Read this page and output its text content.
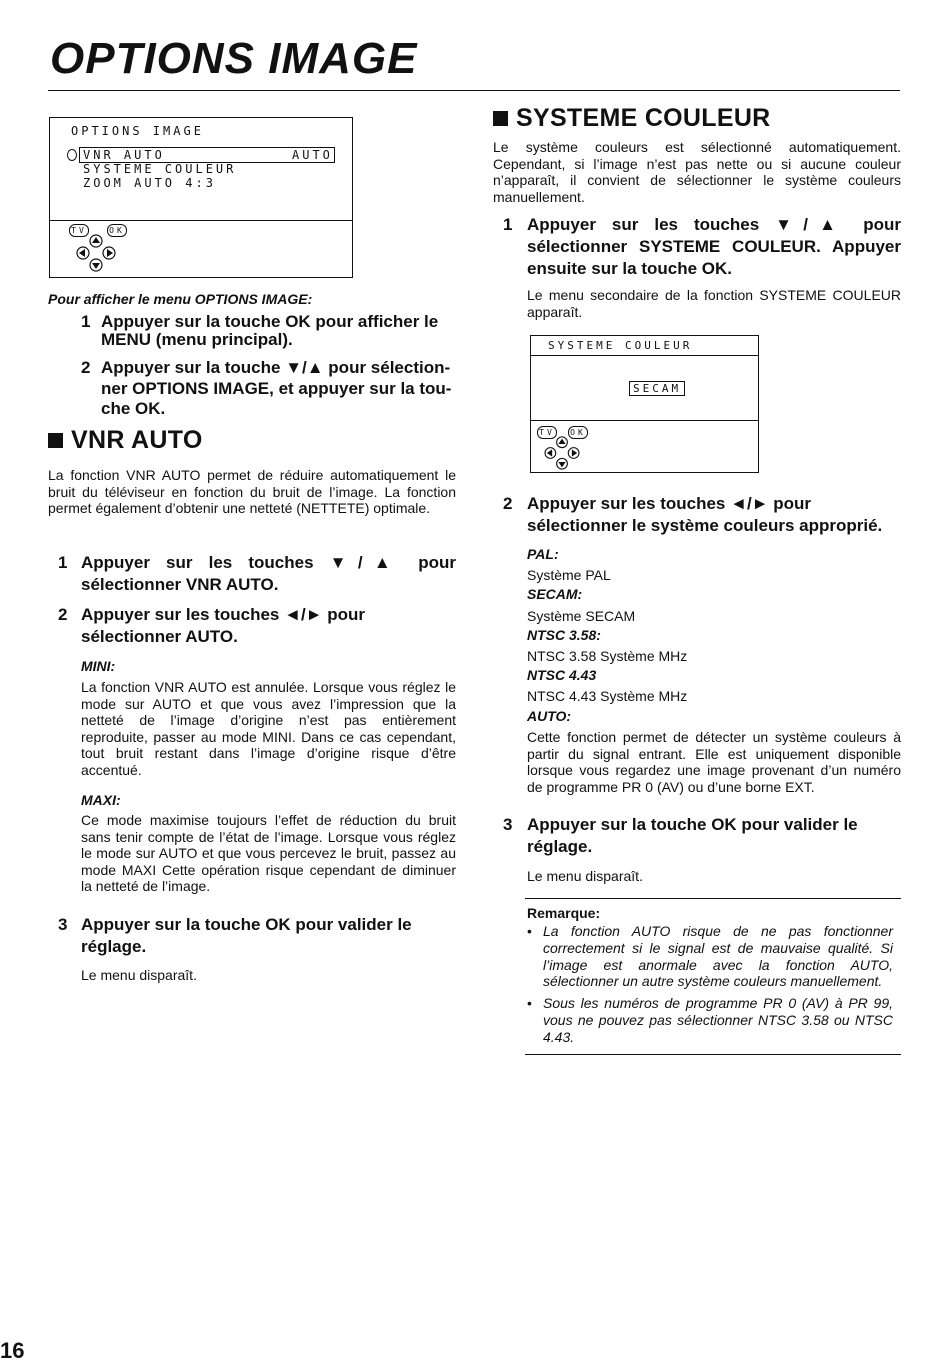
OPTIONS IMAGE
OPTIONS IMAGE
VNR AUTO	AUTO
SYSTEME COULEUR
ZOOM AUTO 4:3
TV	OK
Pour afficher le menu OPTIONS IMAGE:
1 Appuyer sur la touche OK pour afficher le MENU (menu principal).
2 Appuyer sur la touche ▼/▲ pour sélection-ner OPTIONS IMAGE, et appuyer sur la tou-che OK.
VNR AUTO

La fonction VNR AUTO permet de réduire automatiquement le bruit du téléviseur en fonction du bruit de l’image. La fonction permet également d’obtenir une netteté (NETTETE) optimale.

1 Appuyer sur les touches ▼/▲ pour sélectionner VNR AUTO.
2 Appuyer sur les touches ◄/► pour sélectionner AUTO.
MINI:

La fonction VNR AUTO est annulée. Lorsque vous réglez le mode sur AUTO et que vous avez l’impression que la netteté de l’image d’origine n’est pas entièrement reproduite, passer au mode MINI. Dans ce cas cependant, tout bruit restant dans l’image d’origine risque d’être accentué.

MAXI:

Ce mode maximise toujours l’effet de réduction du bruit sans tenir compte de l’état de l’image. Lorsque vous réglez le mode sur AUTO et que vous percevez le bruit, passez au mode MAXI Cette opération risque cependant de diminuer la netteté de l’image.

3 Appuyer sur la touche OK pour valider le réglage.

Le menu disparaît.

SYSTEME COULEUR

Le système couleurs est sélectionné automatiquement. Cependant, si l’image n’est pas nette ou si aucune couleur n’apparaît, il convient de sélectionner le système couleurs manuellement.

1 Appuyer sur les touches ▼/▲ pour sélectionner SYSTEME COULEUR. Appuyer ensuite sur la touche OK.

Le menu secondaire de la fonction SYSTEME COULEUR apparaît.

SYSTEME COULEUR
SECAM
TV OK
2 Appuyer sur les touches ◄/► pour sélectionner le système couleurs approprié.
PAL:

Système PAL

SECAM:

Système SECAM

NTSC 3.58:

NTSC 3.58 Système MHz

NTSC 4.43

NTSC 4.43 Système MHz

AUTO:

Cette fonction permet de détecter un système couleurs à partir du signal entrant. Elle est uniquement disponible lorsque vous regardez une image provenant d’un numéro de programme PR 0 (AV) ou d’une borne EXT.

3 Appuyer sur la touche OK pour valider le réglage.

Le menu disparaît.

Remarque:
• La fonction AUTO risque de ne pas fonctionner correctement si le signal est de mauvaise qualité. Si l’image est anormale avec la fonction AUTO, sélectionner un autre système couleurs manuellement.
• Sous les numéros de programme PR 0 (AV) à PR 99, vous ne pouvez pas sélectionner NTSC 3.58 ou NTSC 4.43.
16
